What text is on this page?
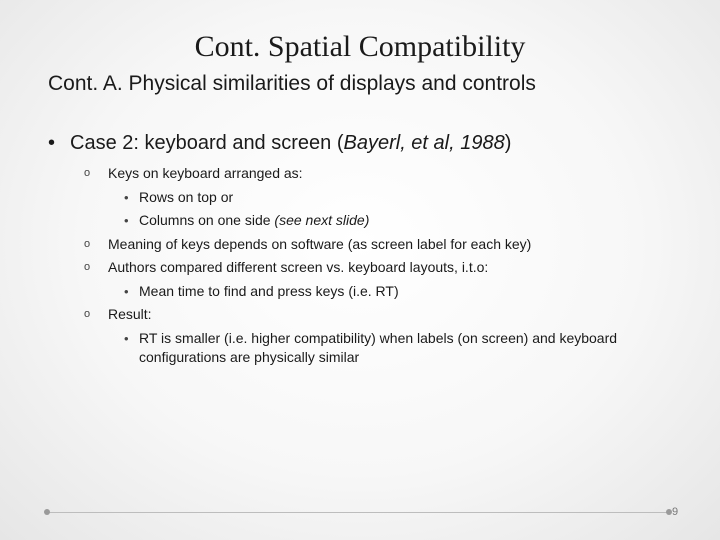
Cont. Spatial Compatibility
Cont. A. Physical similarities of displays and controls
• Case 2: keyboard and screen (Bayerl, et al, 1988)
o Keys on keyboard arranged as:
• Rows on top or
• Columns on one side (see next slide)
o Meaning of keys depends on software (as screen label for each key)
o Authors compared different screen vs. keyboard layouts, i.t.o:
• Mean time to find and press keys (i.e. RT)
o Result:
• RT is smaller (i.e. higher compatibility) when labels (on screen) and keyboard configurations are physically similar
9
